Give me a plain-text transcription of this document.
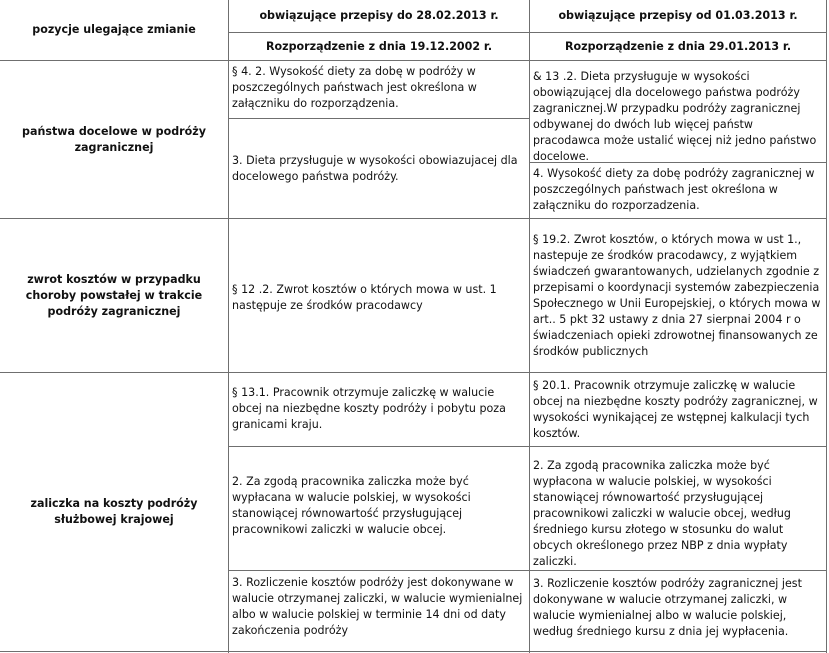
pozycje ulegające zmianie
obwiązujące przepisy do 28.02.2013 r.	obwiązujące przepisy od 01.03.2013 r.
Rozporządzenie z dnia 19.12.2002 r.	Rozporządzenie z dnia 29.01.2013 r.
państwa docelowe w podróży zagranicznej
§ 4. 2. Wysokość diety za dobę w podróży w poszczególnych państwach jest określona w załączniku do rozporządzenia.
3. Dieta przysługuje w wysokości obowiazujacej dla docelowego państwa podróży.
& 13 .2. Dieta przysługuje w wysokości obowiązującej dla docelowego państwa podróży zagranicznej.W przypadku podróży zagranicznej odbywanej do dwóch lub więcej państw pracodawca może ustalić więcej niż jedno państwo docelowe.
4. Wysokość diety za dobę podróży zagranicznej w poszczególnych państwach jest określona w załączniku do rozporzadzenia.
zwrot kosztów w przypadku choroby powstałej w trakcie podróży zagranicznej
§ 12 .2. Zwrot kosztów o których mowa w ust. 1 następuje ze środków pracodawcy
§ 19.2. Zwrot kosztów, o których mowa w ust 1., nastepuje ze środków pracodawcy, z wyjątkiem świadczeń gwarantowanych, udzielanych zgodnie z przepisami o koordynacji systemów zabezpieczenia Społecznego w Unii Europejskiej, o których mowa w art.. 5 pkt 32 ustawy z dnia 27 sierpnai 2004 r o świadczeniach opieki zdrowotnej finansowanych ze środków publicznych
zaliczka na koszty podróży służbowej krajowej
§ 13.1. Pracownik otrzymuje zaliczkę w walucie obcej na niezbędne koszty podróży i pobytu poza granicami kraju.
2. Za zgodą pracownika zaliczka może być wypłacana w walucie polskiej, w wysokości stanowiącej równowartość przysługującej pracownikowi zaliczki w walucie obcej.
3. Rozliczenie kosztów podróży jest dokonywane w walucie otrzymanej zaliczki, w walucie wymienialnej albo w walucie polskiej w terminie 14 dni od daty zakończenia podróży
§ 20.1. Pracownik otrzymuje zaliczkę w walucie obcej na niezbędne koszty podróży zagranicznej, w wysokości wynikającej ze wstępnej kalkulacji tych kosztów.
2. Za zgodą pracownika zaliczka może być wypłacona w walucie polskiej, w wysokości stanowiącej równowartość przysługującej pracownikowi zaliczki w walucie obcej, według średniego kursu złotego w stosunku do walut obcych określonego przez NBP z dnia wypłaty zaliczki.
3. Rozliczenie kosztów podróży zagranicznej jest dokonywane w walucie otrzymanej zaliczki, w walucie wymienialnej albo w walucie polskiej, według średniego kursu z dnia jej wypłacenia.
